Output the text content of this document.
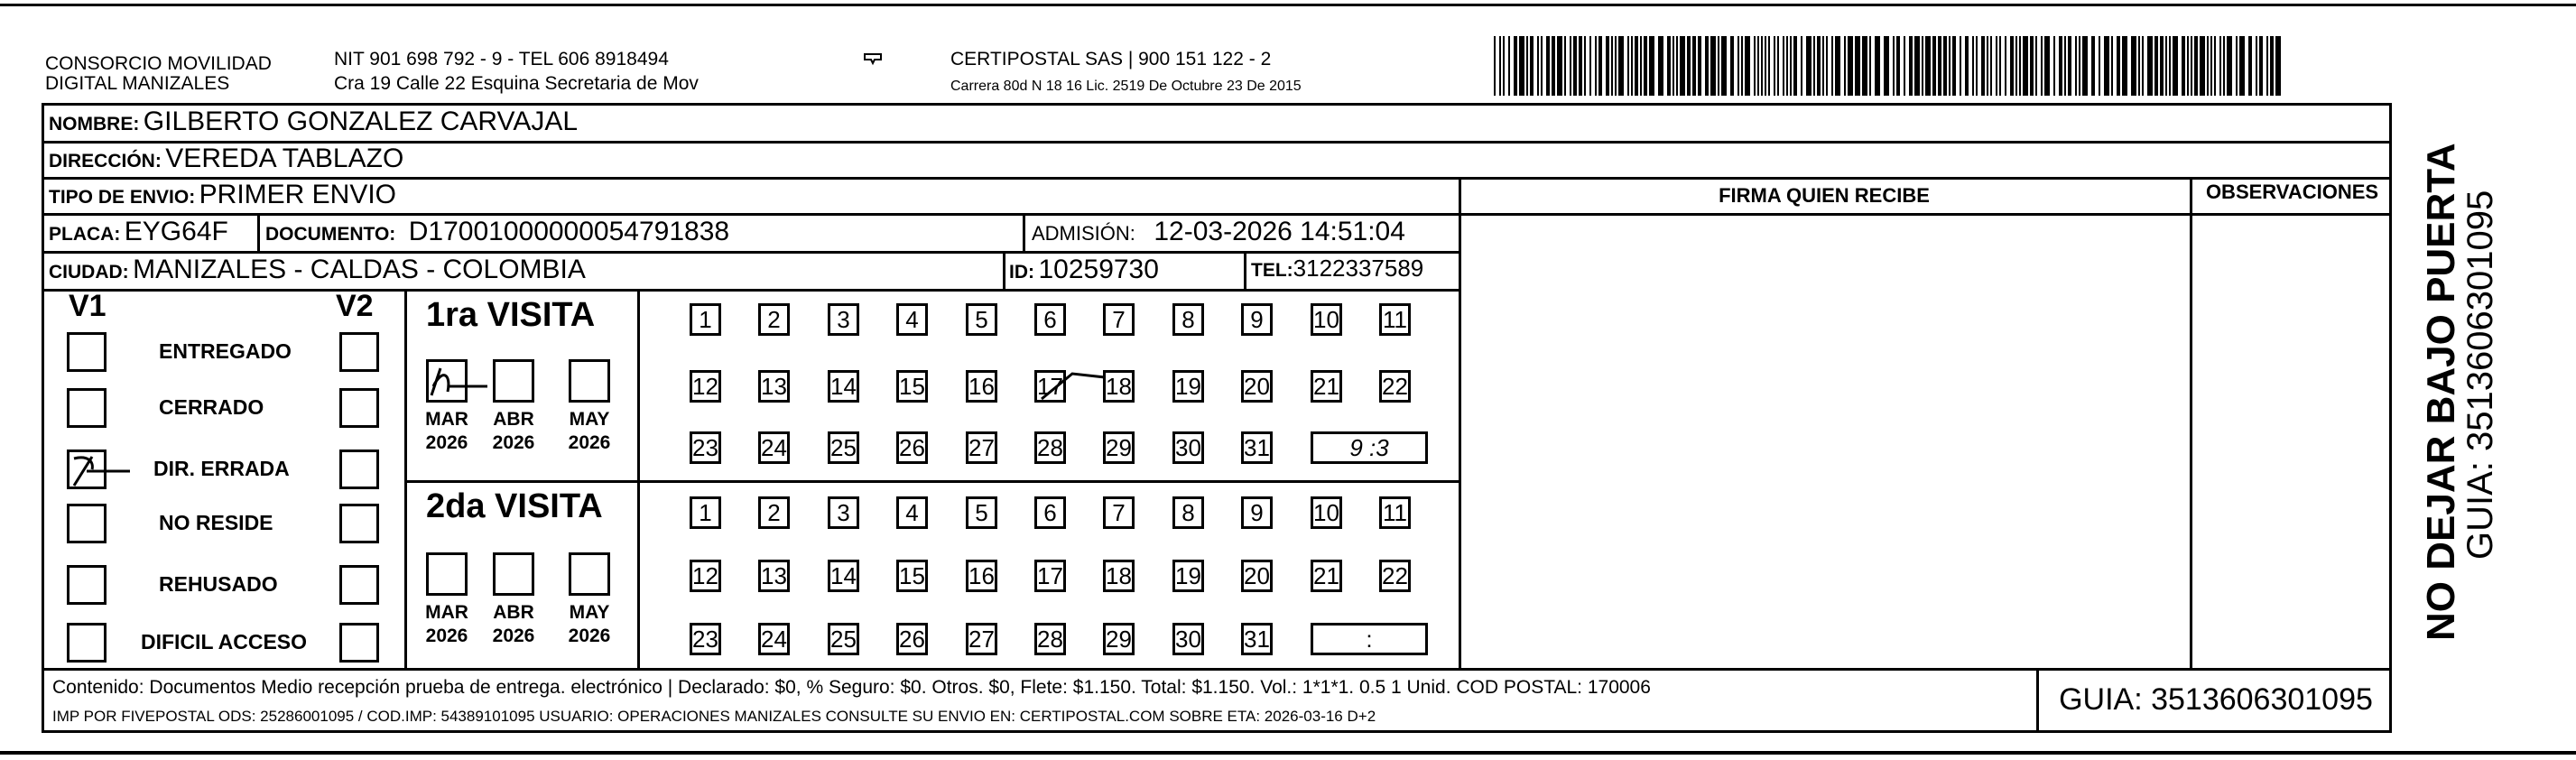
CONSORCIO MOVILIDAD
DIGITAL MANIZALES
NIT 901 698 792 - 9 - TEL 606 8918494
Cra 19 Calle 22 Esquina Secretaria de Mov
CERTIPOSTAL SAS | 900 151 122 - 2
Carrera 80d N 18 16 Lic. 2519 De Octubre 23 De 2015
NOMBRE: GILBERTO GONZALEZ CARVAJAL
DIRECCIÓN: VEREDA TABLAZO
TIPO DE ENVIO: PRIMER ENVIO	FIRMA QUIEN RECIBE	OBSERVACIONES
PLACA: EYG64F DOCUMENTO: D17001000000054791838	ADMISIÓN: 12-03-2026 14:51:04
CIUDAD: MANIZALES - CALDAS - COLOMBIA	ID: 10259730	TEL:3122337589
V1	V2
ENTREGADO
CERRADO
DIR. ERRADA
NO RESIDE
REHUSADO
DIFICIL ACCESO
1ra VISITA
2da VISITA
MAR
2026
ABR
2026
MAY
2026
MAR
2026
ABR
2026
MAY
2026
1	2	3	4	5	6	7	8	9	10 11
12 13 14 15 16 17 18 19 20 21 22
23 24 25 26 27 28 29 30 31	9 :3
1	2	3	4	5	6	7	8	9	10 11
12 13 14 15 16 17 18 19 20 21 22
23 24 25 26 27 28 29 30 31	:
Contenido: Documentos Medio recepción prueba de entrega. electrónico | Declarado: $0, % Seguro: $0. Otros. $0, Flete: $1.150. Total: $1.150. Vol.: 1*1*1. 0.5 1 Unid. COD POSTAL: 170006
IMP POR FIVEPOSTAL ODS: 25286001095 / COD.IMP: 54389101095 USUARIO: OPERACIONES MANIZALES CONSULTE SU ENVIO EN: CERTIPOSTAL.COM SOBRE ETA: 2026-03-16 D+2	GUIA: 3513606301095
NO DEJAR BAJO PUERTA
GUIA: 3513606301095
